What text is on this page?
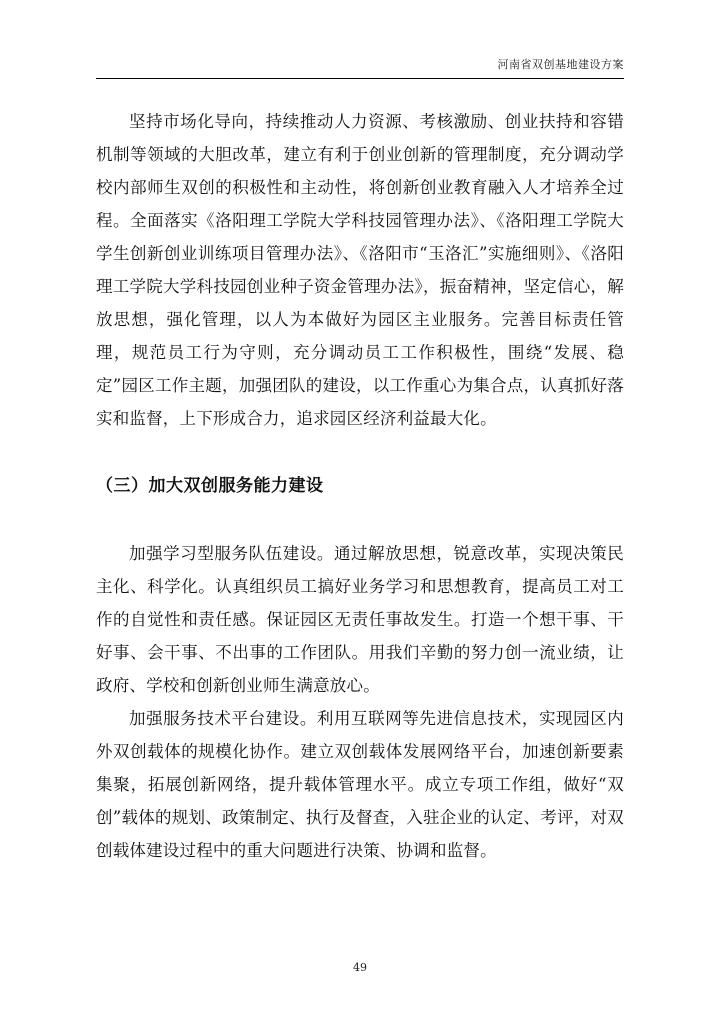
河南省双创基地建设方案

坚持市场化导向，持续推动人力资源、考核激励、创业扶持和容错机制等领域的大胆改革，建立有利于创业创新的管理制度，充分调动学校内部师生双创的积极性和主动性，将创新创业教育融入人才培养全过程。全面落实《洛阳理工学院大学科技园管理办法》、《洛阳理工学院大学生创新创业训练项目管理办法》、《洛阳市“玉洛汇”实施细则》、《洛阳理工学院大学科技园创业种子资金管理办法》，振奋精神，坚定信心，解放思想，强化管理，以人为本做好为园区主业服务。完善目标责任管理，规范员工行为守则，充分调动员工工作积极性，围绕“发展、稳定”园区工作主题，加强团队的建设，以工作重心为集合点，认真抓好落实和监督，上下形成合力，追求园区经济利益最大化。

（三）加大双创服务能力建设

加强学习型服务队伍建设。通过解放思想，锐意改革，实现决策民主化、科学化。认真组织员工搞好业务学习和思想教育，提高员工对工作的自觉性和责任感。保证园区无责任事故发生。打造一个想干事、干好事、会干事、不出事的工作团队。用我们辛勤的努力创一流业绩，让政府、学校和创新创业师生满意放心。

加强服务技术平台建设。利用互联网等先进信息技术，实现园区内外双创载体的规模化协作。建立双创载体发展网络平台，加速创新要素集聚，拓展创新网络，提升载体管理水平。成立专项工作组，做好“双创”载体的规划、政策制定、执行及督查，入驻企业的认定、考评，对双创载体建设过程中的重大问题进行决策、协调和监督。

49
